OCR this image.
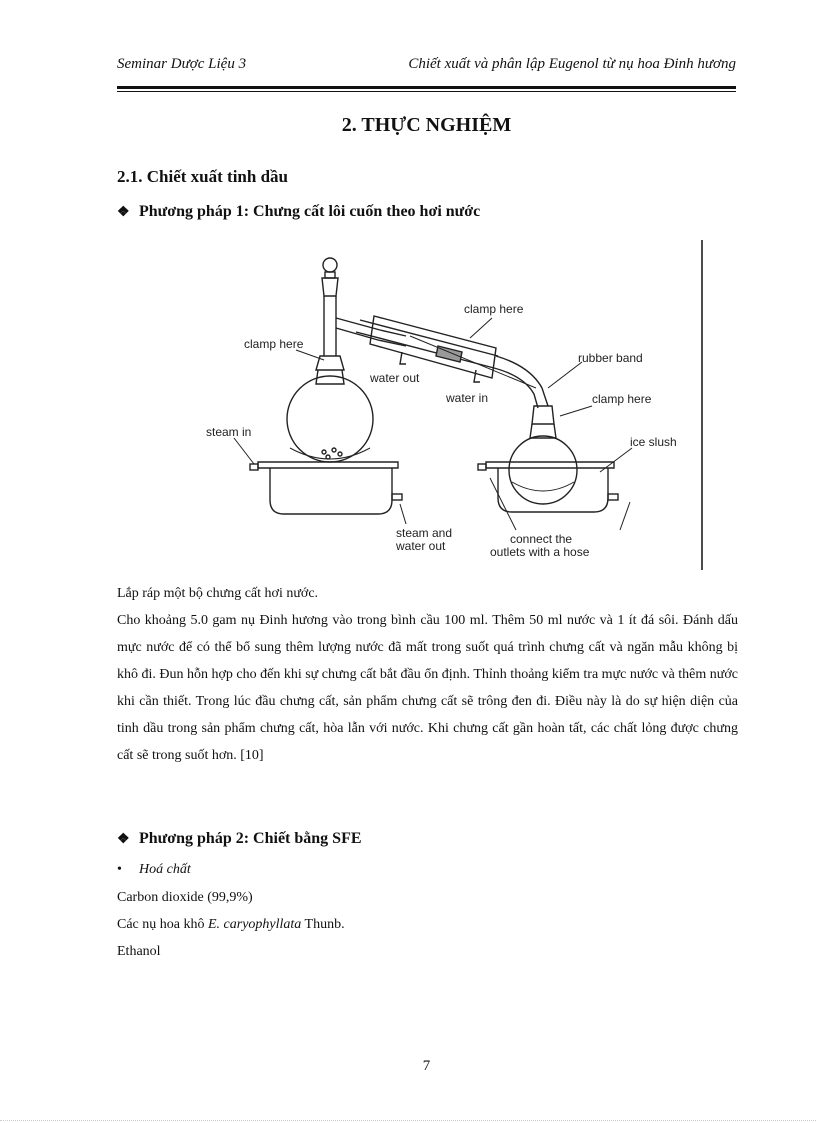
Seminar Dược Liệu 3	Chiết xuất và phân lập Eugenol từ nụ hoa Đinh hương
2. THỰC NGHIỆM
2.1. Chiết xuất tinh dầu
❖ Phương pháp 1: Chưng cất lôi cuốn theo hơi nước
clamp here
clamp here
rubber band
water out
water in	clamp here
steam in
ice slush
steam and
water out	connect the
outlets with a hose

Lắp ráp một bộ chưng cất hơi nước.

Cho khoảng 5.0 gam nụ Đinh hương vào trong bình cầu 100 ml. Thêm 50 ml nước và 1 ít đá sôi. Đánh dấu mực nước để có thể bổ sung thêm lượng nước đã mất trong suốt quá trình chưng cất và ngăn mẫu không bị khô đi. Đun hỗn hợp cho đến khi sự chưng cất bắt đầu ổn định. Thỉnh thoảng kiểm tra mực nước và thêm nước khi cần thiết. Trong lúc đầu chưng cất, sản phẩm chưng cất sẽ trông đen đi. Điều này là do sự hiện diện của tinh dầu trong sản phẩm chưng cất, hòa lẫn với nước. Khi chưng cất gần hoàn tất, các chất lỏng được chưng cất sẽ trong suốt hơn. [10]

❖ Phương pháp 2: Chiết bằng SFE
• Hoá chất
Carbon dioxide (99,9%)
Các nụ hoa khô E. caryophyllata Thunb.
Ethanol
7
